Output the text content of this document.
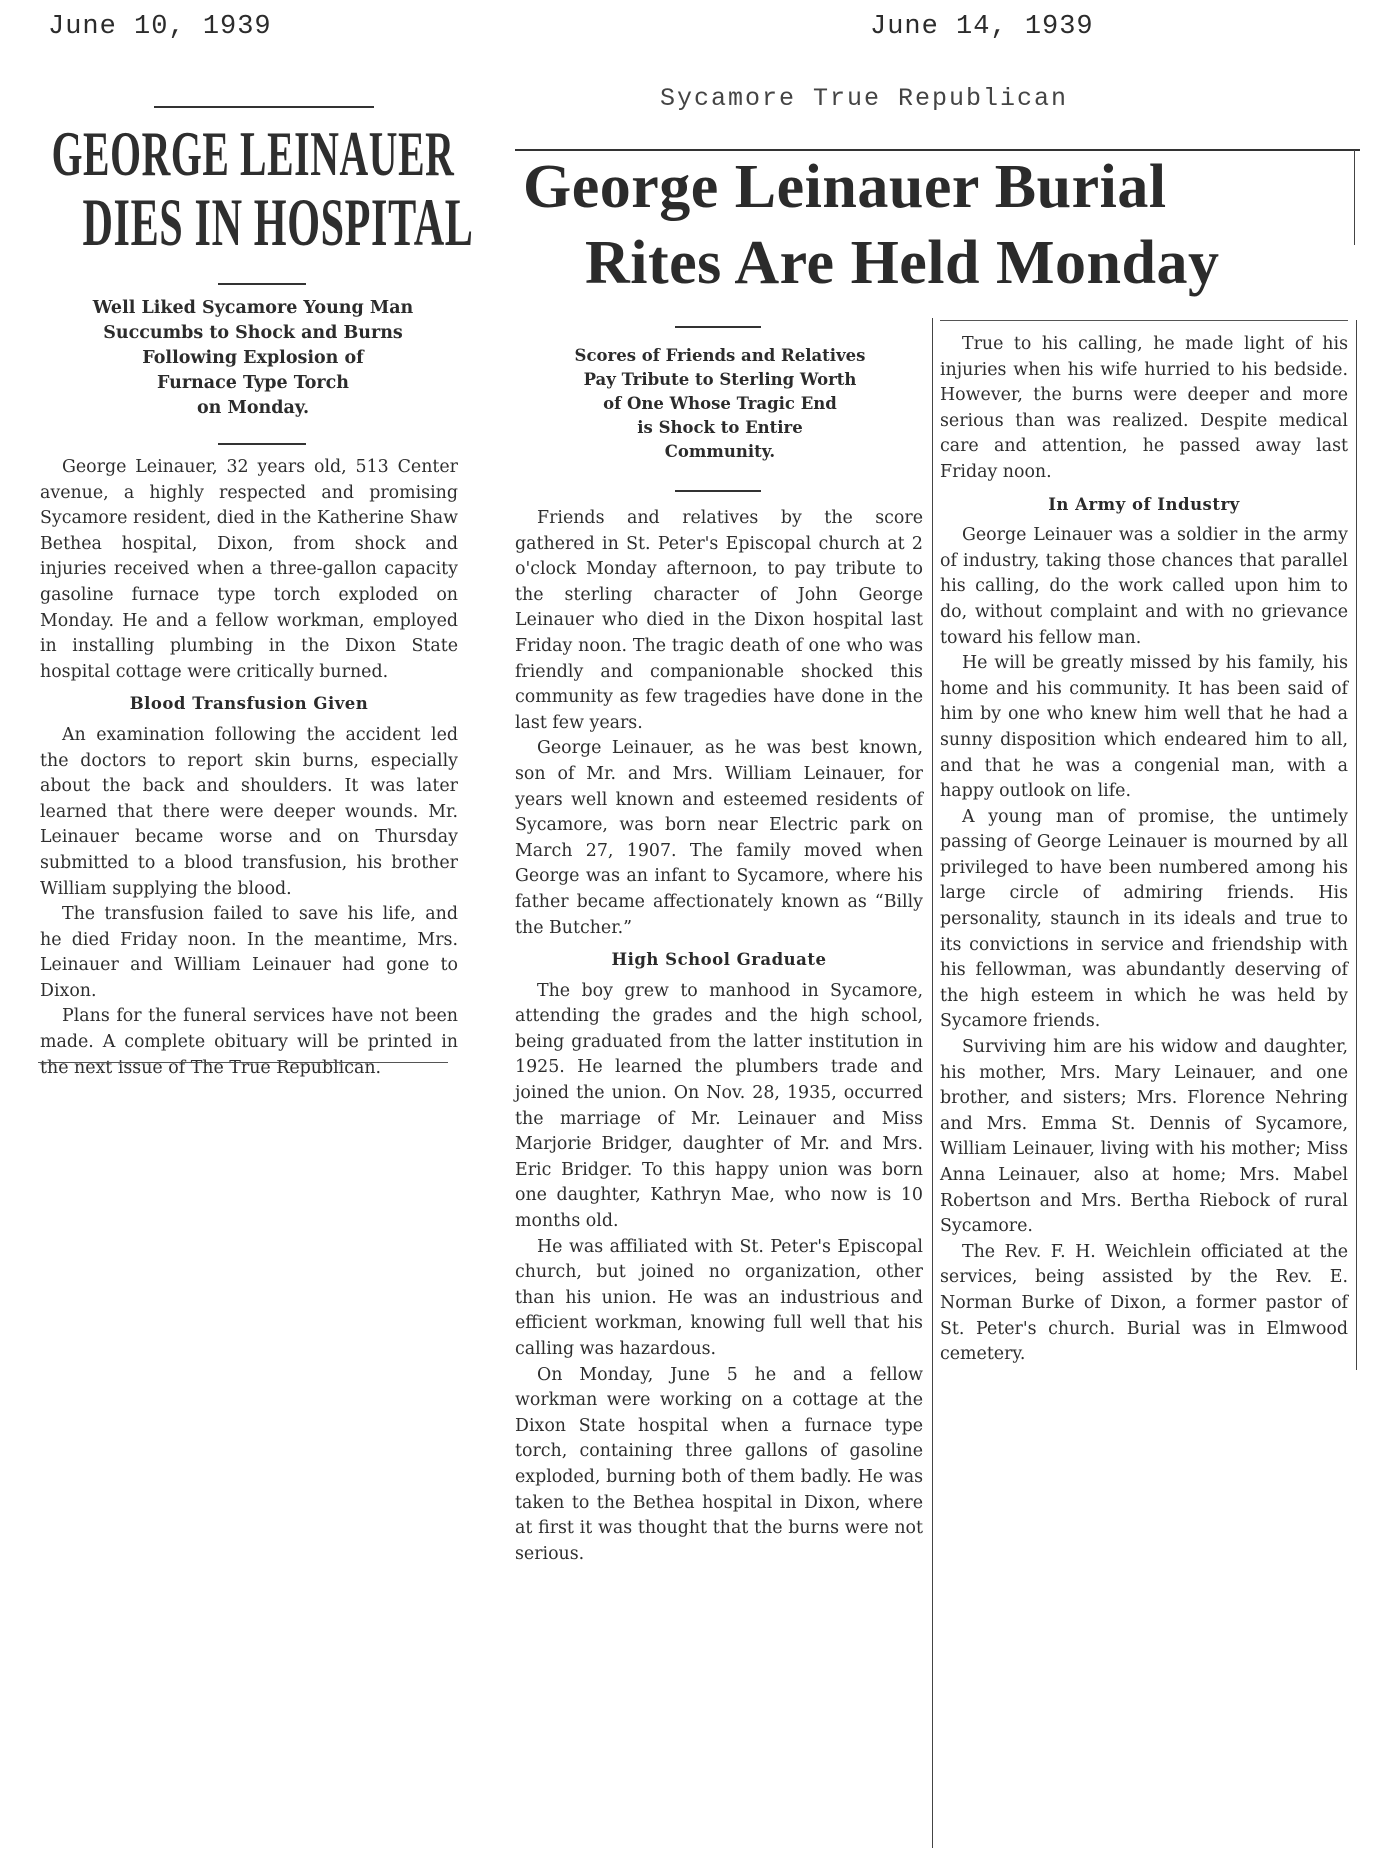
June 10, 1939	June 14, 1939
Sycamore True Republican
GEORGE LEINAUER
DIES IN HOSPITAL
Well Liked Sycamore Young Man
Succumbs to Shock and Burns
Following Explosion of
Furnace Type Torch
on Monday.

George Leinauer, 32 years old, 513 Center avenue, a highly respected and promising Sycamore resident, died in the Katherine Shaw Bethea hospital, Dixon, from shock and injuries received when a three-gallon capacity gasoline furnace type torch exploded on Monday. He and a fellow workman, employed in installing plumbing in the Dixon State hospital cottage were critically burned.

Blood Transfusion Given

An examination following the accident led the doctors to report skin burns, especially about the back and shoulders. It was later learned that there were deeper wounds. Mr. Leinauer became worse and on Thursday submitted to a blood transfusion, his brother William supplying the blood.

The transfusion failed to save his life, and he died Friday noon. In the meantime, Mrs. Leinauer and William Leinauer had gone to Dixon.

Plans for the funeral services have not been made. A complete obituary will be printed in the next issue of The True Republican.

George Leinauer Burial
Rites Are Held Monday
Scores of Friends and Relatives
Pay Tribute to Sterling Worth
of One Whose Tragic End
is Shock to Entire
Community.

Friends and relatives by the score gathered in St. Peter's Episcopal church at 2 o'clock Monday afternoon, to pay tribute to the sterling character of John George Leinauer who died in the Dixon hospital last Friday noon. The tragic death of one who was friendly and companionable shocked this community as few tragedies have done in the last few years.

George Leinauer, as he was best known, son of Mr. and Mrs. William Leinauer, for years well known and esteemed residents of Sycamore, was born near Electric park on March 27, 1907. The family moved when George was an infant to Sycamore, where his father became affectionately known as “Billy the Butcher.”

High School Graduate

The boy grew to manhood in Sycamore, attending the grades and the high school, being graduated from the latter institution in 1925. He learned the plumbers trade and joined the union. On Nov. 28, 1935, occurred the marriage of Mr. Leinauer and Miss Marjorie Bridger, daughter of Mr. and Mrs. Eric Bridger. To this happy union was born one daughter, Kathryn Mae, who now is 10 months old.

He was affiliated with St. Peter's Episcopal church, but joined no organization, other than his union. He was an industrious and efficient workman, knowing full well that his calling was hazardous.

On Monday, June 5 he and a fellow workman were working on a cottage at the Dixon State hospital when a furnace type torch, containing three gallons of gasoline exploded, burning both of them badly. He was taken to the Bethea hospital in Dixon, where at first it was thought that the burns were not serious.

True to his calling, he made light of his injuries when his wife hurried to his bedside. However, the burns were deeper and more serious than was realized. Despite medical care and attention, he passed away last Friday noon.

In Army of Industry

George Leinauer was a soldier in the army of industry, taking those chances that parallel his calling, do the work called upon him to do, without complaint and with no grievance toward his fellow man.

He will be greatly missed by his family, his home and his community. It has been said of him by one who knew him well that he had a sunny disposition which endeared him to all, and that he was a congenial man, with a happy outlook on life.

A young man of promise, the untimely passing of George Leinauer is mourned by all privileged to have been numbered among his large circle of admiring friends. His personality, staunch in its ideals and true to its convictions in service and friendship with his fellowman, was abundantly deserving of the high esteem in which he was held by Sycamore friends.

Surviving him are his widow and daughter, his mother, Mrs. Mary Leinauer, and one brother, and sisters; Mrs. Florence Nehring and Mrs. Emma St. Dennis of Sycamore, William Leinauer, living with his mother; Miss Anna Leinauer, also at home; Mrs. Mabel Robertson and Mrs. Bertha Riebock of rural Sycamore.

The Rev. F. H. Weichlein officiated at the services, being assisted by the Rev. E. Norman Burke of Dixon, a former pastor of St. Peter's church. Burial was in Elmwood cemetery.
